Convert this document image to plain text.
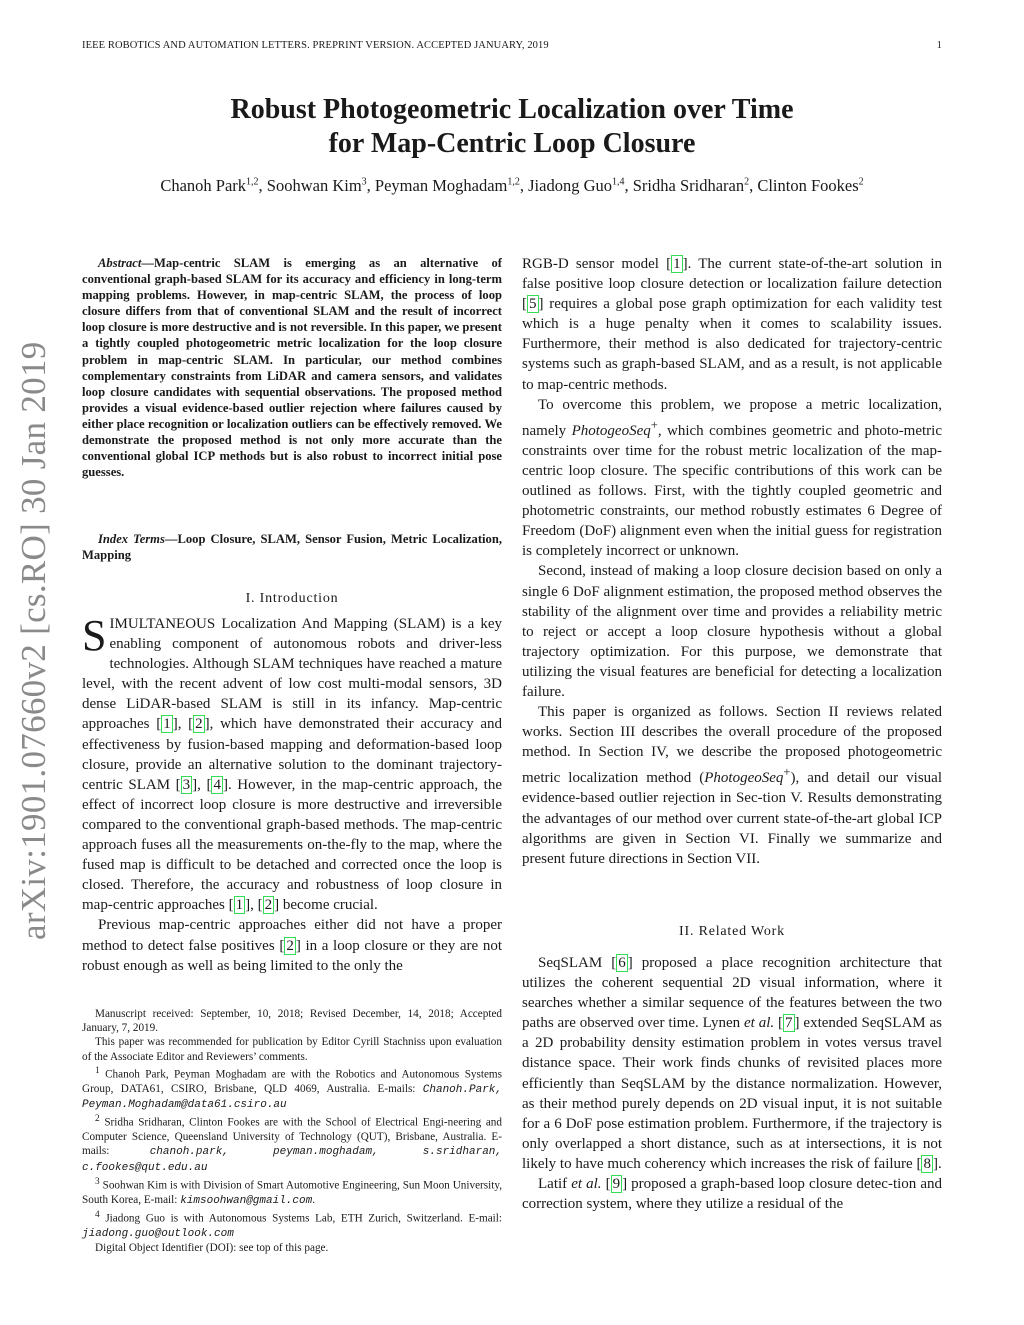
IEEE ROBOTICS AND AUTOMATION LETTERS. PREPRINT VERSION. ACCEPTED JANUARY, 2019	1
Robust Photogeometric Localization over Time
for Map-Centric Loop Closure
Chanoh Park$^{1,2}$, Soohwan Kim$^3$, Peyman Moghadam$^{1,2}$, Jiadong Guo$^{1,4}$, Sridha Sridharan$^2$, Clinton Fookes$^2$
arXiv:1901.07660v2 [cs.RO] 30 Jan 2019

Abstract—Map-centric SLAM is emerging as an alternative of conventional graph-based SLAM for its accuracy and efficiency in long-term mapping problems. However, in map-centric SLAM, the process of loop closure differs from that of conventional SLAM and the result of incorrect loop closure is more destructive and is not reversible. In this paper, we present a tightly coupled photogeometric metric localization for the loop closure problem in map-centric SLAM. In particular, our method combines complementary constraints from LiDAR and camera sensors, and validates loop closure candidates with sequential observations. The proposed method provides a visual evidence-based outlier rejection where failures caused by either place recognition or localization outliers can be effectively removed. We demonstrate the proposed method is not only more accurate than the conventional global ICP methods but is also robust to incorrect initial pose guesses.

Index Terms—Loop Closure, SLAM, Sensor Fusion, Metric Localization, Mapping
I. Introduction

SIMULTANEOUS Localization And Mapping (SLAM) is a key enabling component of autonomous robots and driver-less technologies. Although SLAM techniques have reached a mature level, with the recent advent of low cost multi-modal sensors, 3D dense LiDAR-based SLAM is still in its infancy. Map-centric approaches [ 1 ], [ 2 ], which have demonstrated their accuracy and effectiveness by fusion-based mapping and deformation-based loop closure, provide an alternative solution to the dominant trajectory-centric SLAM [ 3 ], [ 4 ]. However, in the map-centric approach, the effect of incorrect loop closure is more destructive and irreversible compared to the conventional graph-based methods. The map-centric approach fuses all the measurements on-the-fly to the map, where the fused map is difficult to be detached and corrected once the loop is closed. Therefore, the accuracy and robustness of loop closure in map-centric approaches [ 1 ], [ 2 ] become crucial.

Previous map-centric approaches either did not have a proper method to detect false positives [ 2 ] in a loop closure or they are not robust enough as well as being limited to the only the

Manuscript received: September, 10, 2018; Revised December, 14, 2018; Accepted January, 7, 2019.

This paper was recommended for publication by Editor Cyrill Stachniss upon evaluation of the Associate Editor and Reviewers’ comments.

$^1$ Chanoh Park, Peyman Moghadam are with the Robotics and Autonomous Systems Group, DATA61, CSIRO, Brisbane, QLD 4069, Australia. E-mails: Chanoh.Park, Peyman.Moghadam@data61.csiro.au

$^2$ Sridha Sridharan, Clinton Fookes are with the School of Electrical Engi-neering and Computer Science, Queensland University of Technology (QUT), Brisbane, Australia. E-mails: chanoh.park, peyman.moghadam, s.sridharan, c.fookes@qut.edu.au

$^3$ Soohwan Kim is with Division of Smart Automotive Engineering, Sun Moon University, South Korea, E-mail: kimsoohwan@gmail.com.

$^4$ Jiadong Guo is with Autonomous Systems Lab, ETH Zurich, Switzerland. E-mail: jiadong.guo@outlook.com

Digital Object Identifier (DOI): see top of this page.

RGB-D sensor model [ 1 ]. The current state-of-the-art solution in false positive loop closure detection or localization failure detection [ 5 ] requires a global pose graph optimization for each validity test which is a huge penalty when it comes to scalability issues. Furthermore, their method is also dedicated for trajectory-centric systems such as graph-based SLAM, and as a result, is not applicable to map-centric methods.

To overcome this problem, we propose a metric localization, namely PhotogeoSeq+, which combines geometric and photo-metric constraints over time for the robust metric localization of the map-centric loop closure. The specific contributions of this work can be outlined as follows. First, with the tightly coupled geometric and photometric constraints, our method robustly estimates 6 Degree of Freedom (DoF) alignment even when the initial guess for registration is completely incorrect or unknown.

Second, instead of making a loop closure decision based on only a single 6 DoF alignment estimation, the proposed method observes the stability of the alignment over time and provides a reliability metric to reject or accept a loop closure hypothesis without a global trajectory optimization. For this purpose, we demonstrate that utilizing the visual features are beneficial for detecting a localization failure.

This paper is organized as follows. Section II reviews related works. Section III describes the overall procedure of the proposed method. In Section IV, we describe the proposed photogeometric metric localization method (PhotogeoSeq+), and detail our visual evidence-based outlier rejection in Sec-tion V. Results demonstrating the advantages of our method over current state-of-the-art global ICP algorithms are given in Section VI. Finally we summarize and present future directions in Section VII.

II. Related Work

SeqSLAM [ 6 ] proposed a place recognition architecture that utilizes the coherent sequential 2D visual information, where it searches whether a similar sequence of the features between the two paths are observed over time. Lynen et al. [ 7 ] extended SeqSLAM as a 2D probability density estimation problem in votes versus travel distance space. Their work finds chunks of revisited places more efficiently than SeqSLAM by the distance normalization. However, as their method purely depends on 2D visual input, it is not suitable for a 6 DoF pose estimation problem. Furthermore, if the trajectory is only overlapped a short distance, such as at intersections, it is not likely to have much coherency which increases the risk of failure [ 8 ].

Latif et al. [ 9 ] proposed a graph-based loop closure detec-tion and correction system, where they utilize a residual of the
